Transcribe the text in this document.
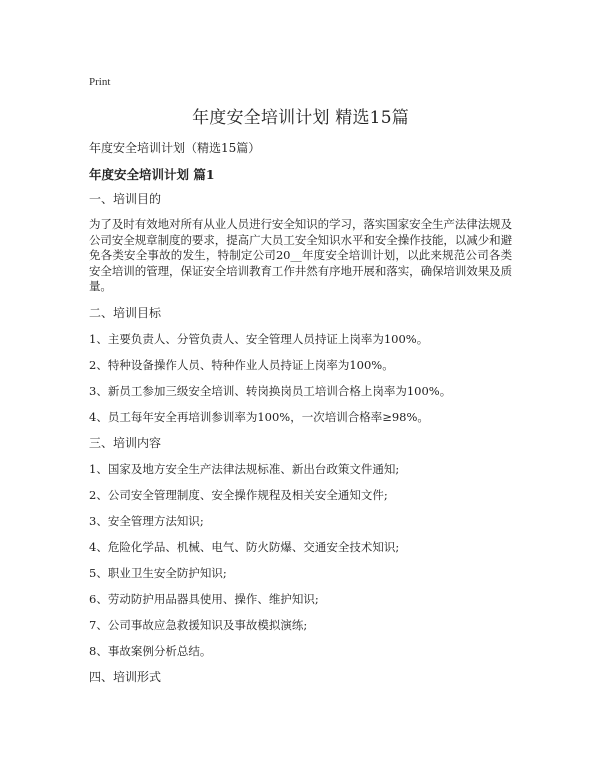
Print
年度安全培训计划 精选15篇
年度安全培训计划（精选15篇）
年度安全培训计划 篇1
一、培训目的
为了及时有效地对所有从业人员进行安全知识的学习，落实国家安全生产法律法规及公司安全规章制度的要求，提高广大员工安全知识水平和安全操作技能，以减少和避免各类安全事故的发生，特制定公司20__年度安全培训计划，以此来规范公司各类安全培训的管理，保证安全培训教育工作井然有序地开展和落实，确保培训效果及质量。
二、培训目标
1、主要负责人、分管负责人、安全管理人员持证上岗率为100%。
2、特种设备操作人员、特种作业人员持证上岗率为100%。
3、新员工参加三级安全培训、转岗换岗员工培训合格上岗率为100%。
4、员工每年安全再培训参训率为100%，一次培训合格率≥98%。
三、培训内容
1、国家及地方安全生产法律法规标准、新出台政策文件通知;
2、公司安全管理制度、安全操作规程及相关安全通知文件;
3、安全管理方法知识;
4、危险化学品、机械、电气、防火防爆、交通安全技术知识;
5、职业卫生安全防护知识;
6、劳动防护用品器具使用、操作、维护知识;
7、公司事故应急救援知识及事故模拟演练;
8、事故案例分析总结。
四、培训形式
